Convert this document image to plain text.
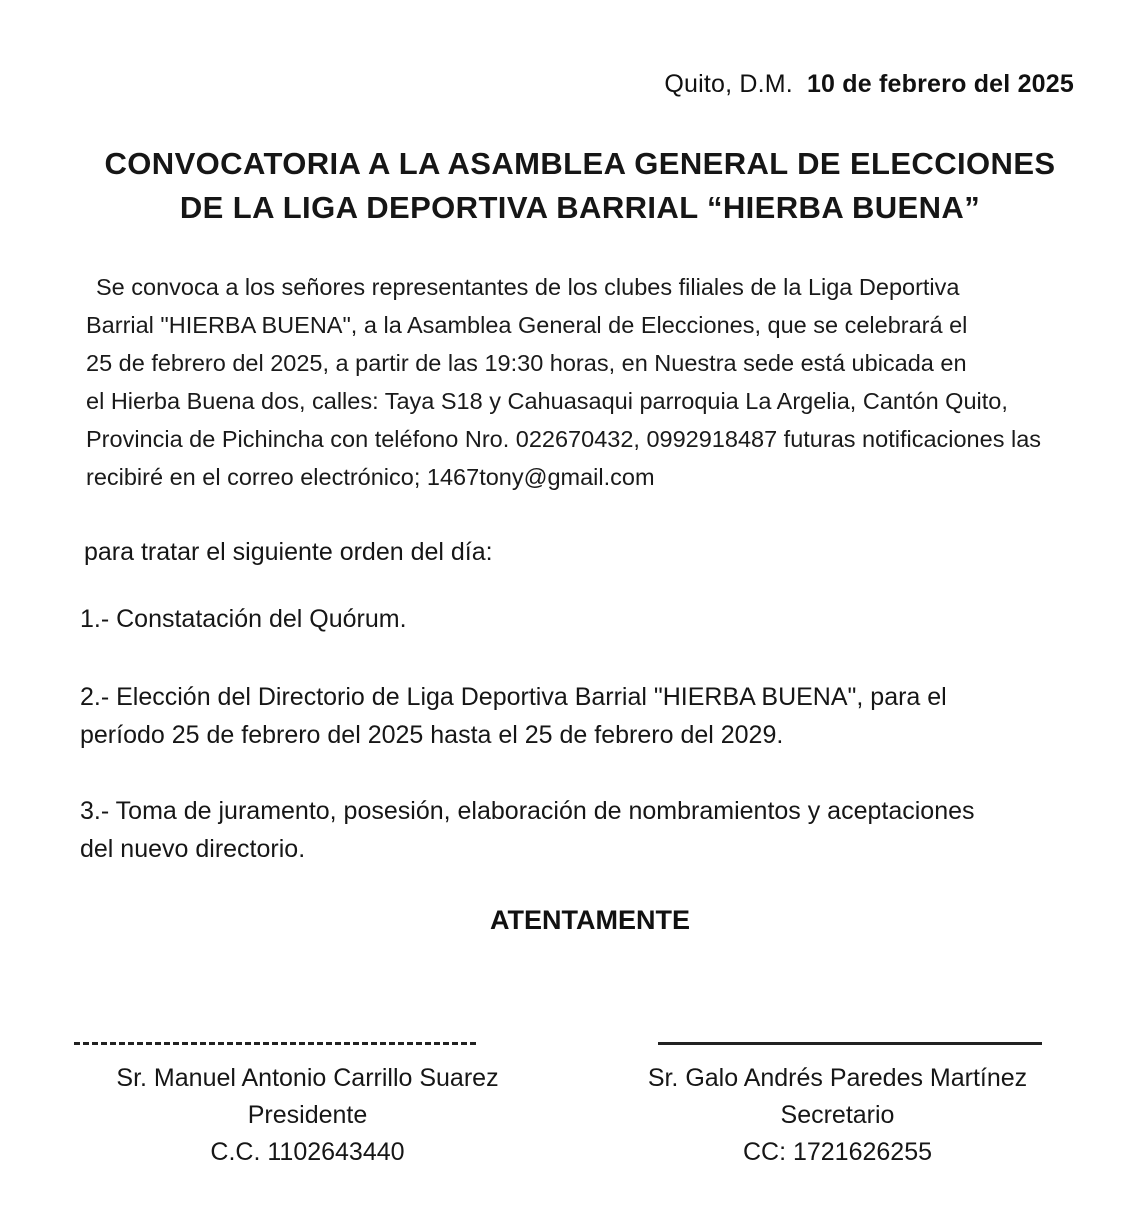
Quito, D.M. 10 de febrero del 2025
CONVOCATORIA A LA ASAMBLEA GENERAL DE ELECCIONES
DE LA LIGA DEPORTIVA BARRIAL “HIERBA BUENA”
Se convoca a los señores representantes de los clubes filiales de la Liga Deportiva
Barrial "HIERBA BUENA", a la Asamblea General de Elecciones, que se celebrará el
25 de febrero del 2025, a partir de las 19:30 horas, en Nuestra sede está ubicada en
el Hierba Buena dos, calles: Taya S18 y Cahuasaqui parroquia La Argelia, Cantón Quito,
Provincia de Pichincha con teléfono Nro. 022670432, 0992918487 futuras notificaciones las
recibiré en el correo electrónico; 1467tony@gmail.com
para tratar el siguiente orden del día:
1.- Constatación del Quórum.
2.- Elección del Directorio de Liga Deportiva Barrial "HIERBA BUENA", para el
período 25 de febrero del 2025 hasta el 25 de febrero del 2029.
3.- Toma de juramento, posesión, elaboración de nombramientos y aceptaciones
del nuevo directorio.
ATENTAMENTE
Sr. Manuel Antonio Carrillo Suarez
Presidente
C.C. 1102643440
Sr. Galo Andrés Paredes Martínez
Secretario
CC: 1721626255
